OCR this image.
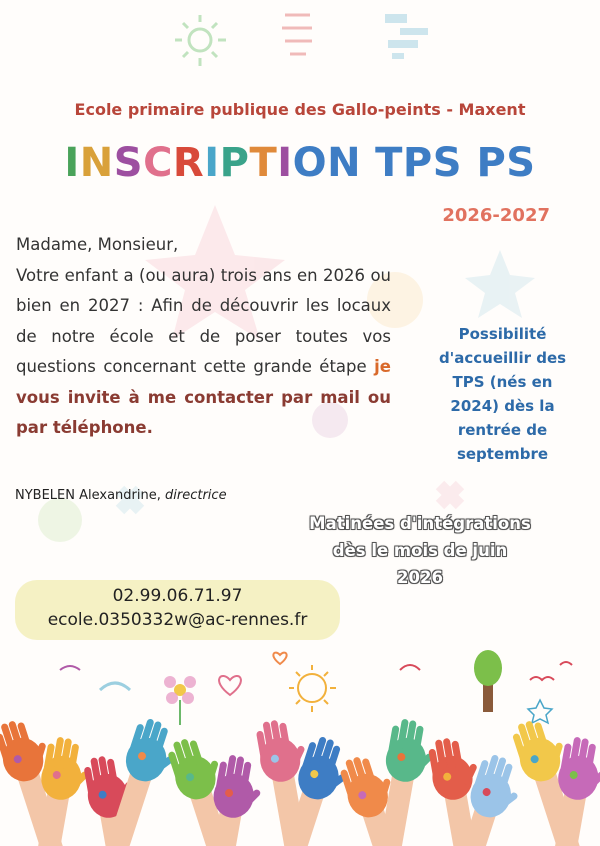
Ecole primaire publique des Gallo-peints - Maxent
INSCRIPTION TPS PS
2026-2027

Madame, Monsieur,

Votre enfant a (ou aura) trois ans en 2026 ou bien en 2027 : Afin de découvrir les locaux de notre école et de poser toutes vos questions concernant cette grande étape je vous invite à me contacter par mail ou par téléphone.

NYBELEN Alexandrine, directrice
Possibilité
d'accueillir des
TPS (nés en
2024) dès la
rentrée de
septembre
Matinées d'intégrations
dès le mois de juin
2026
02.99.06.71.97
ecole.0350332w@ac-rennes.fr
